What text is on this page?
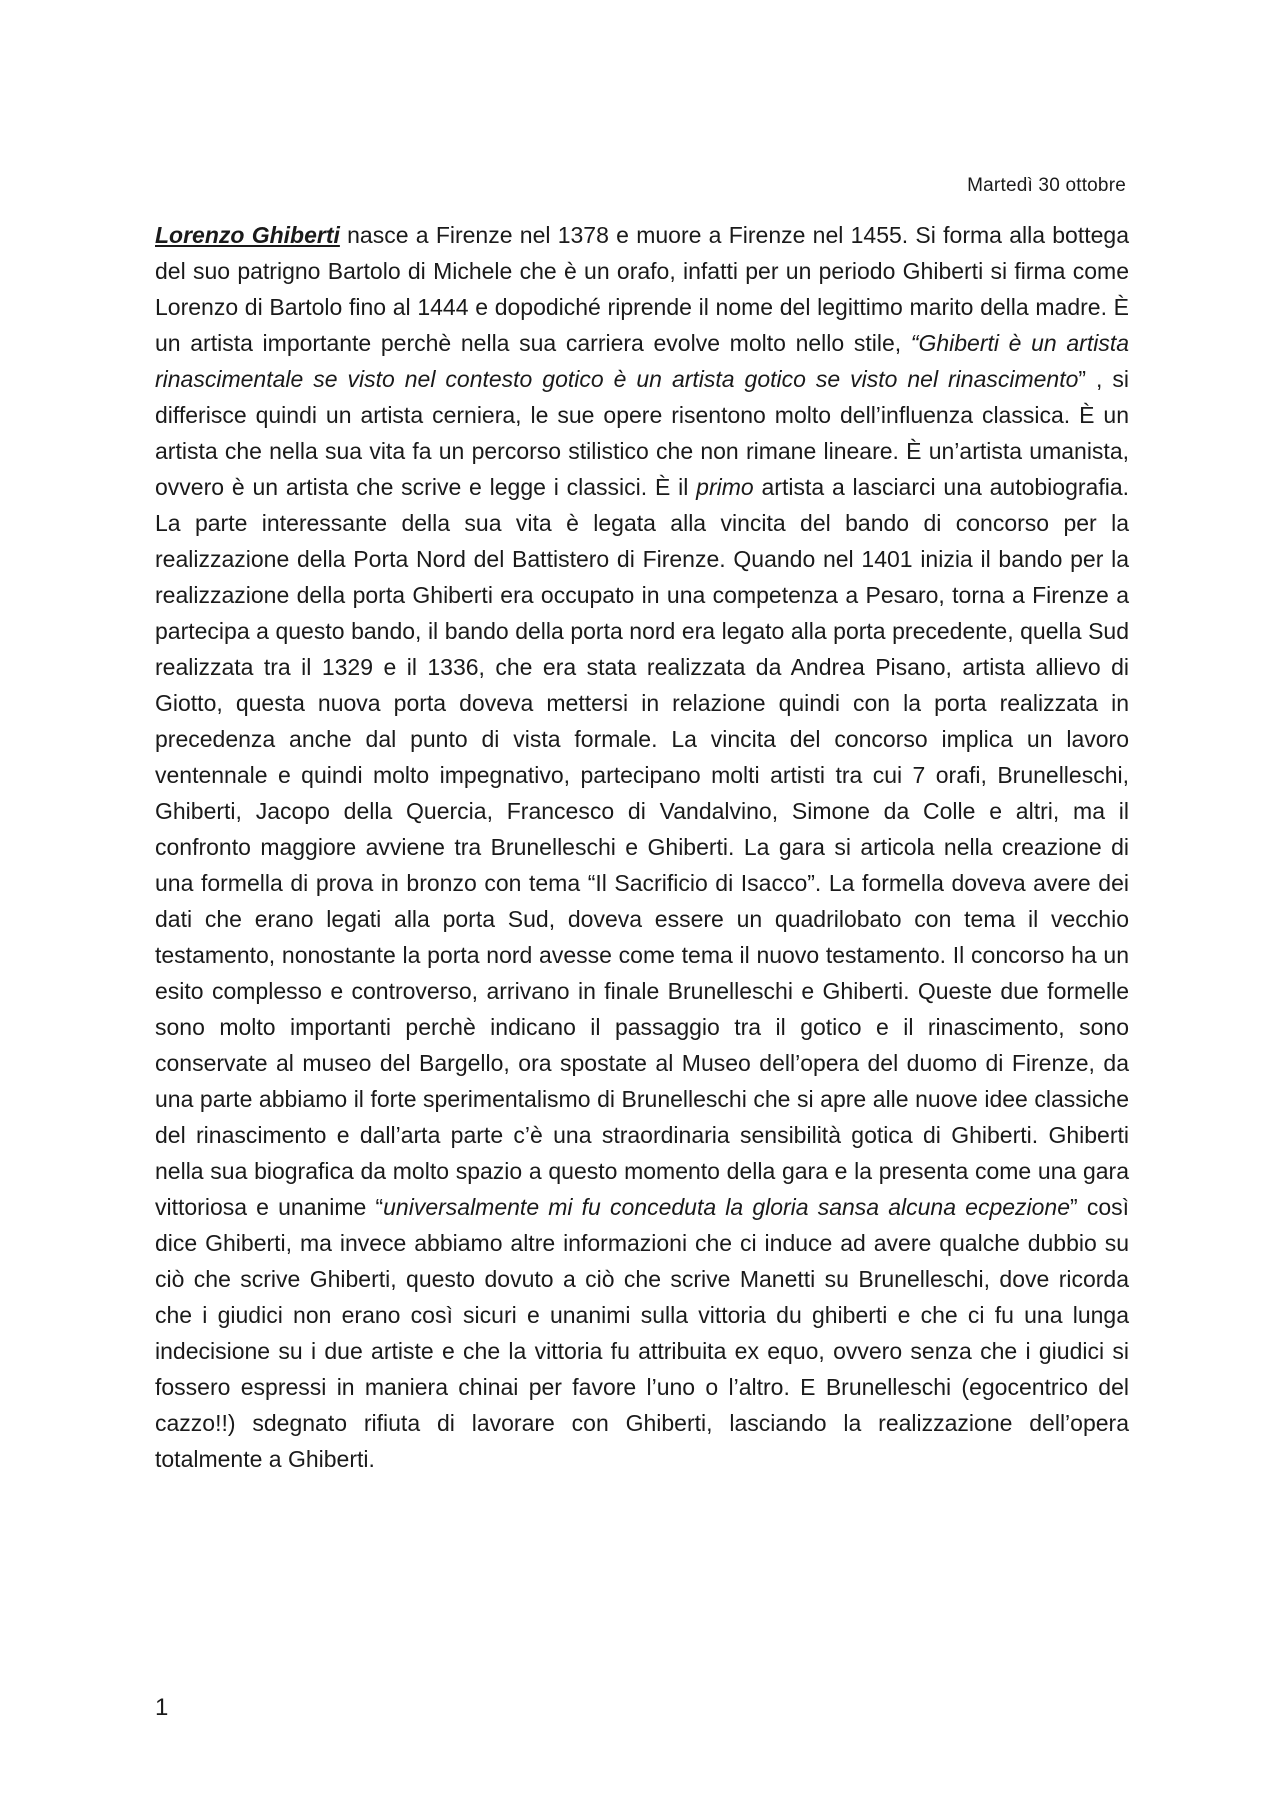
Martedì 30 ottobre

Lorenzo Ghiberti nasce a Firenze nel 1378 e muore a Firenze nel 1455. Si forma alla bottega del suo patrigno Bartolo di Michele che è un orafo, infatti per un periodo Ghiberti si firma come Lorenzo di Bartolo fino al 1444 e dopodiché riprende il nome del legittimo marito della madre. È un artista importante perchè nella sua carriera evolve molto nello stile, “Ghiberti è un artista rinascimentale se visto nel contesto gotico è un artista gotico se visto nel rinascimento” , si differisce quindi un artista cerniera, le sue opere risentono molto dell’influenza classica. È un artista che nella sua vita fa un percorso stilistico che non rimane lineare. È un’artista umanista, ovvero è un artista che scrive e legge i classici. È il primo artista a lasciarci una autobiografia. La parte interessante della sua vita è legata alla vincita del bando di concorso per la realizzazione della Porta Nord del Battistero di Firenze. Quando nel 1401 inizia il bando per la realizzazione della porta Ghiberti era occupato in una competenza a Pesaro, torna a Firenze a partecipa a questo bando, il bando della porta nord era legato alla porta precedente, quella Sud realizzata tra il 1329 e il 1336, che era stata realizzata da Andrea Pisano, artista allievo di Giotto, questa nuova porta doveva mettersi in relazione quindi con la porta realizzata in precedenza anche dal punto di vista formale. La vincita del concorso implica un lavoro ventennale e quindi molto impegnativo, partecipano molti artisti tra cui 7 orafi, Brunelleschi, Ghiberti, Jacopo della Quercia, Francesco di Vandalvino, Simone da Colle e altri, ma il confronto maggiore avviene tra Brunelleschi e Ghiberti. La gara si articola nella creazione di una formella di prova in bronzo con tema “Il Sacrificio di Isacco”. La formella doveva avere dei dati che erano legati alla porta Sud, doveva essere un quadrilobato con tema il vecchio testamento, nonostante la porta nord avesse come tema il nuovo testamento. Il concorso ha un esito complesso e controverso, arrivano in finale Brunelleschi e Ghiberti. Queste due formelle sono molto importanti perchè indicano il passaggio tra il gotico e il rinascimento, sono conservate al museo del Bargello, ora spostate al Museo dell’opera del duomo di Firenze, da una parte abbiamo il forte sperimentalismo di Brunelleschi che si apre alle nuove idee classiche del rinascimento e dall’arta parte c’è una straordinaria sensibilità gotica di Ghiberti. Ghiberti nella sua biografica da molto spazio a questo momento della gara e la presenta come una gara vittoriosa e unanime “universalmente mi fu conceduta la gloria sansa alcuna ecpezione” così dice Ghiberti, ma invece abbiamo altre informazioni che ci induce ad avere qualche dubbio su ciò che scrive Ghiberti, questo dovuto a ciò che scrive Manetti su Brunelleschi, dove ricorda che i giudici non erano così sicuri e unanimi sulla vittoria du ghiberti e che ci fu una lunga indecisione su i due artiste e che la vittoria fu attribuita ex equo, ovvero senza che i giudici si fossero espressi in maniera chinai per favore l’uno o l’altro. E Brunelleschi (egocentrico del cazzo!!) sdegnato rifiuta di lavorare con Ghiberti, lasciando la realizzazione dell’opera totalmente a Ghiberti.

1
